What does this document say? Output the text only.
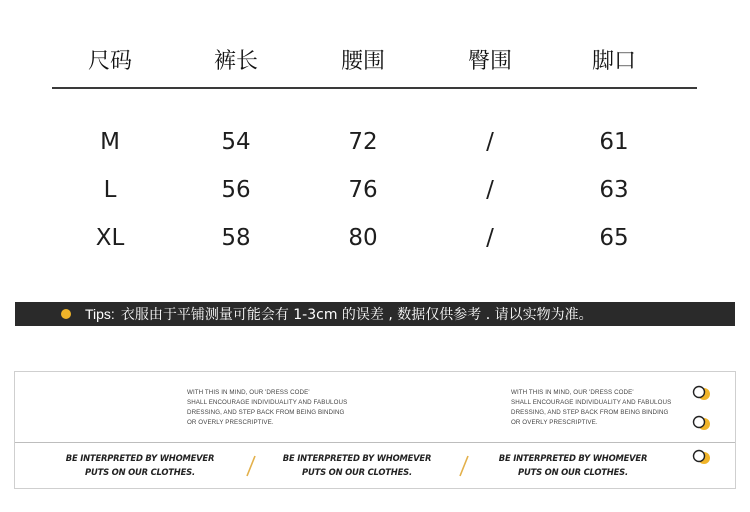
尺码	裤长	腰围	臀围	脚口
M	54	72	/	61
L	56	76	/	63
XL	58	80	/	65
Tips: 衣服由于平铺测量可能会有 1-3cm 的误差 , 数据仅供参考 . 请以实物为准。
WITH THIS IN MIND, OUR 'DRESS CODE'
SHALL ENCOURAGE INDIVIDUALITY AND FABULOUS
DRESSING, AND STEP BACK FROM BEING BINDING
OR OVERLY PRESCRIPTIVE.
WITH THIS IN MIND, OUR 'DRESS CODE'
SHALL ENCOURAGE INDIVIDUALITY AND FABULOUS
DRESSING, AND STEP BACK FROM BEING BINDING
OR OVERLY PRESCRIPTIVE.
BE INTERPRETED BY WHOMEVER
PUTS ON OUR CLOTHES.
BE INTERPRETED BY WHOMEVER
PUTS ON OUR CLOTHES.
BE INTERPRETED BY WHOMEVER
PUTS ON OUR CLOTHES.
